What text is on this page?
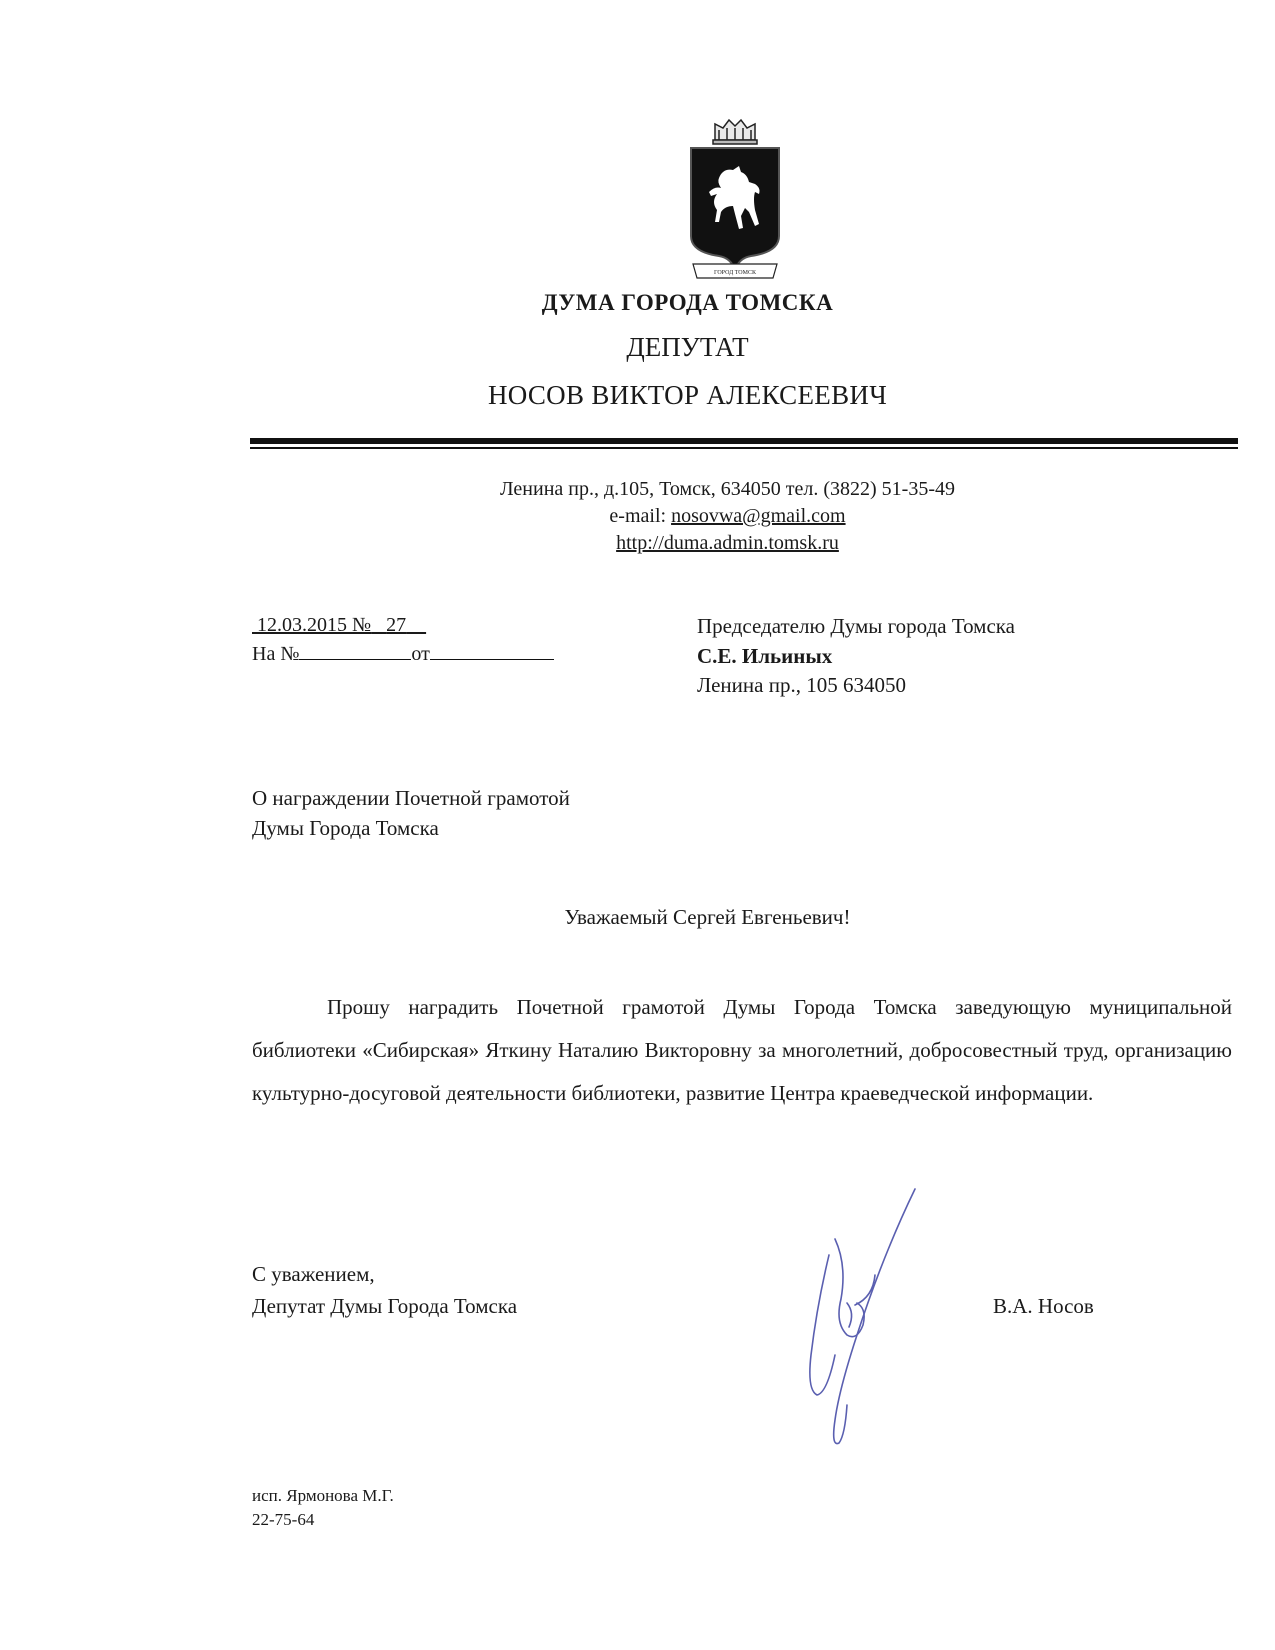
ГОРОД ТОМСК
ДУМА ГОРОДА ТОМСКА
ДЕПУТАТ
НОСОВ ВИКТОР АЛЕКСЕЕВИЧ
Ленина пр., д.105, Томск, 634050 тел. (3822) 51-35-49
e-mail: nosovwa@gmail.com
http://duma.admin.tomsk.ru
12.03.2015 № 27
На №	от
Председателю Думы города Томска
С.Е. Ильиных
Ленина пр., 105 634050
О награждении Почетной грамотой
Думы Города Томска
Уважаемый Сергей Евгеньевич!

Прошу наградить Почетной грамотой Думы Города Томска заведующую муниципальной библиотеки «Сибирская» Яткину Наталию Викторовну за многолетний, добросовестный труд, организацию культурно-досуговой деятельности библиотеки, развитие Центра краеведческой информации.

С уважением,
Депутат Думы Города Томска	В.А. Носов
исп. Ярмонова М.Г.
22-75-64
